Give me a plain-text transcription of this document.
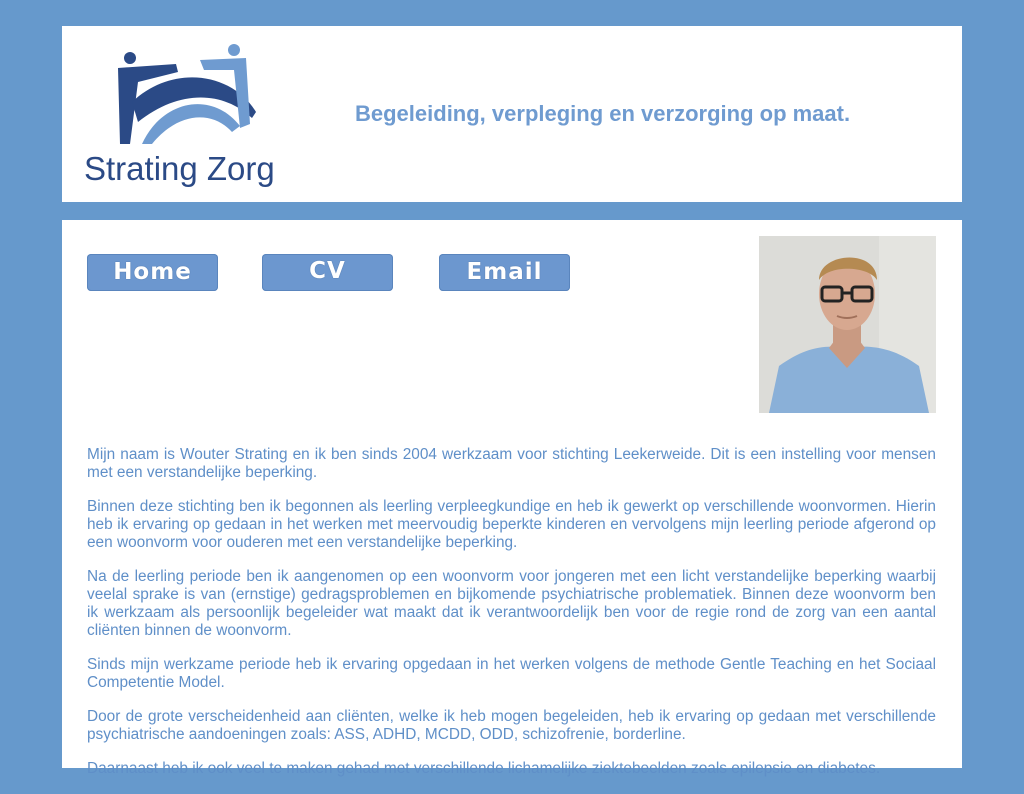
Strating Zorg
Begeleiding, verpleging en verzorging op maat.
Home	CV	Email

Mijn naam is Wouter Strating en ik ben sinds 2004 werkzaam voor stichting Leekerweide. Dit is een instelling voor mensen met een verstandelijke beperking.

Binnen deze stichting ben ik begonnen als leerling verpleegkundige en heb ik gewerkt op verschillende woonvormen. Hierin heb ik ervaring op gedaan in het werken met meervoudig beperkte kinderen en vervolgens mijn leerling periode afgerond op een woonvorm voor ouderen met een verstandelijke beperking.

Na de leerling periode ben ik aangenomen op een woonvorm voor jongeren met een licht verstandelijke beperking waarbij veelal sprake is van (ernstige) gedragsproblemen en bijkomende psychiatrische problematiek. Binnen deze woonvorm ben ik werkzaam als persoonlijk begeleider wat maakt dat ik verantwoordelijk ben voor de regie rond de zorg van een aantal cliënten binnen de woonvorm.

Sinds mijn werkzame periode heb ik ervaring opgedaan in het werken volgens de methode Gentle Teaching en het Sociaal Competentie Model.

Door de grote verscheidenheid aan cliënten, welke ik heb mogen begeleiden, heb ik ervaring op gedaan met verschillende psychiatrische aandoeningen zoals: ASS, ADHD, MCDD, ODD, schizofrenie, borderline.

Daarnaast heb ik ook veel te maken gehad met verschillende lichamelijke ziektebeelden zoals epilepsie en diabetes.
